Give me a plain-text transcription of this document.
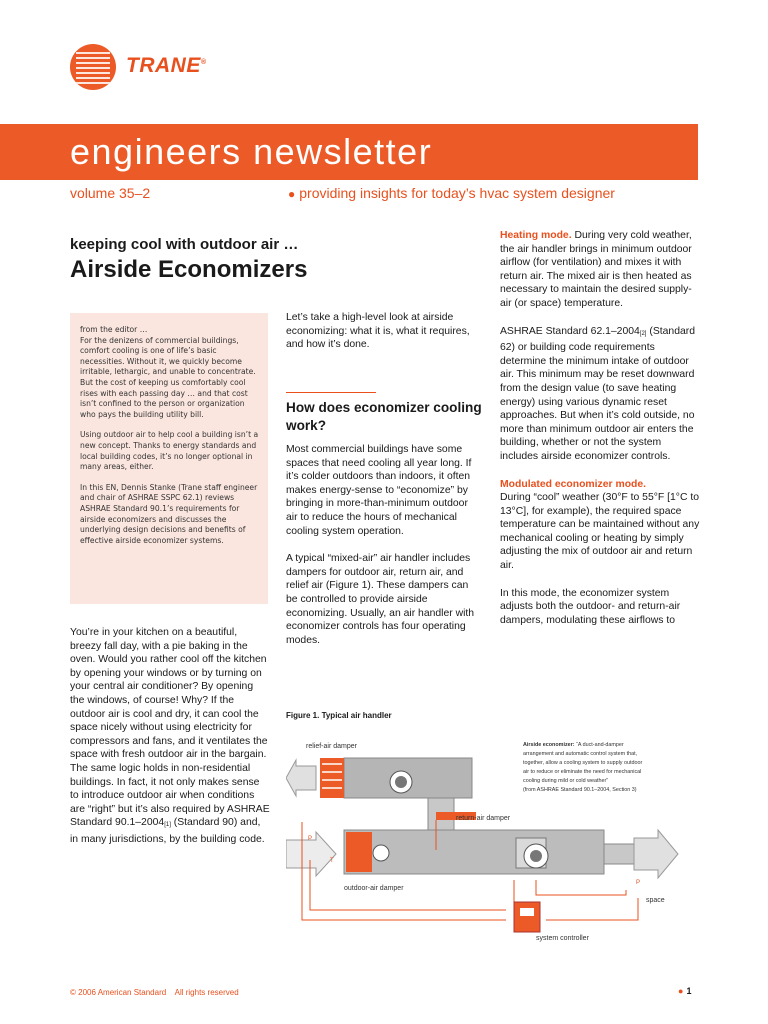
TRANE®
engineers newsletter
volume 35–2	● providing insights for today’s hvac system designer
keeping cool with outdoor air …
Airside Economizers

from the editor …
For the denizens of commercial buildings, comfort cooling is one of life’s basic necessities. Without it, we quickly become irritable, lethargic, and unable to concentrate. But the cost of keeping us comfortably cool rises with each passing day … and that cost isn’t confined to the person or organization who pays the building utility bill.

Using outdoor air to help cool a building isn’t a new concept. Thanks to energy standards and local building codes, it’s no longer optional in many areas, either.

In this EN, Dennis Stanke (Trane staff engineer and chair of ASHRAE SSPC 62.1) reviews ASHRAE Standard 90.1’s requirements for airside economizers and discusses the underlying design decisions and benefits of effective airside economizer systems.

You’re in your kitchen on a beautiful, breezy fall day, with a pie baking in the oven. Would you rather cool off the kitchen by opening your windows or by turning on your central air conditioner? By opening the windows, of course! Why? If the outdoor air is cool and dry, it can cool the space nicely without using electricity for compressors and fans, and it ventilates the space with fresh outdoor air in the bargain. The same logic holds in non-residential buildings. In fact, it not only makes sense to introduce outdoor air when conditions are “right” but it’s also required by ASHRAE Standard $90.1-2004_{[1]}$ (Standard 90) and, in many jurisdictions, by the building code.

Let’s take a high-level look at airside economizing: what it is, what it requires, and how it’s done.
How does economizer cooling work?

Most commercial buildings have some spaces that need cooling all year long. If it’s colder outdoors than indoors, it often makes energy-sense to “economize” by bringing in more-than-minimum outdoor air to reduce the hours of mechanical cooling system operation.

A typical “mixed-air” air handler includes dampers for outdoor air, return air, and relief air (Figure 1). These dampers can be controlled to provide airside economizing. Usually, an air handler with economizer controls has four operating modes.

Heating mode. During very cold weather, the air handler brings in minimum outdoor airflow (for ventilation) and mixes it with return air. The mixed air is then heated as necessary to maintain the desired supply-air (or space) temperature.

ASHRAE Standard $62.1-2004_{[2]}$ (Standard 62) or building code requirements determine the minimum intake of outdoor air. This minimum may be reset downward from the design value (to save heating energy) using various dynamic reset approaches. But when it’s cold outside, no more than minimum outdoor air enters the building, whether or not the system includes airside economizer controls.

Modulated economizer mode.
During “cool” weather (30°F to 55°F [1°C to 13°C], for example), the required space temperature can be maintained without any mechanical cooling or heating by simply adjusting the mix of outdoor air and return air.

In this mode, the economizer system adjusts both the outdoor- and return-air dampers, modulating these airflows to

Figure 1. Typical air handler
P
T
P
relief-air damper
return-air damper
outdoor-air damper
space
system controller
Airside economizer: “A duct-and-damper
arrangement and automatic control system that,
together, allow a cooling system to supply outdoor
air to reduce or eliminate the need for mechanical
cooling during mild or cold weather”
(from ASHRAE Standard 90.1–2004, Section 3)
© 2006 American Standard    All rights reserved	● 1
